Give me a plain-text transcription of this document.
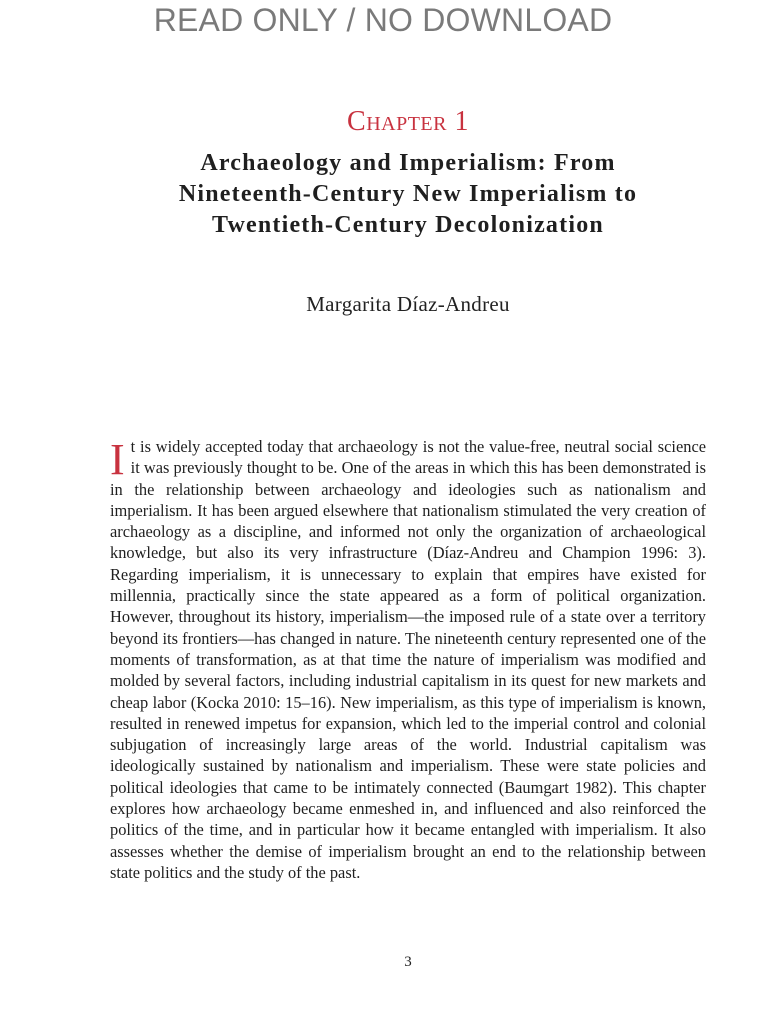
READ ONLY / NO DOWNLOAD
Chapter 1
Archaeology and Imperialism: From Nineteenth-Century New Imperialism to Twentieth-Century Decolonization
Margarita Díaz-Andreu
I t is widely accepted today that archaeology is not the value-free, neutral social science it was previously thought to be. One of the areas in which this has been demonstrated is in the relationship between archaeology and ideologies such as nationalism and imperialism. It has been argued elsewhere that nationalism stimulated the very creation of archaeology as a discipline, and informed not only the organization of archaeological knowledge, but also its very infrastructure (Díaz-Andreu and Champion 1996: 3). Regarding imperialism, it is unnecessary to explain that empires have existed for millennia, practically since the state appeared as a form of political organization. However, throughout its history, imperialism—the imposed rule of a state over a territory beyond its frontiers—has changed in nature. The nineteenth century represented one of the moments of transformation, as at that time the nature of imperialism was modified and molded by several factors, including industrial capitalism in its quest for new markets and cheap labor (Kocka 2010: 15–16). New imperialism, as this type of imperialism is known, resulted in renewed impetus for expansion, which led to the imperial control and colonial subjugation of increasingly large areas of the world. Industrial capitalism was ideologically sustained by nationalism and imperialism. These were state policies and political ideologies that came to be intimately connected (Baumgart 1982). This chapter explores how archaeology became enmeshed in, and influenced and also reinforced the politics of the time, and in particular how it became entangled with imperialism. It also assesses whether the demise of imperialism brought an end to the relationship between state politics and the study of the past.
3
